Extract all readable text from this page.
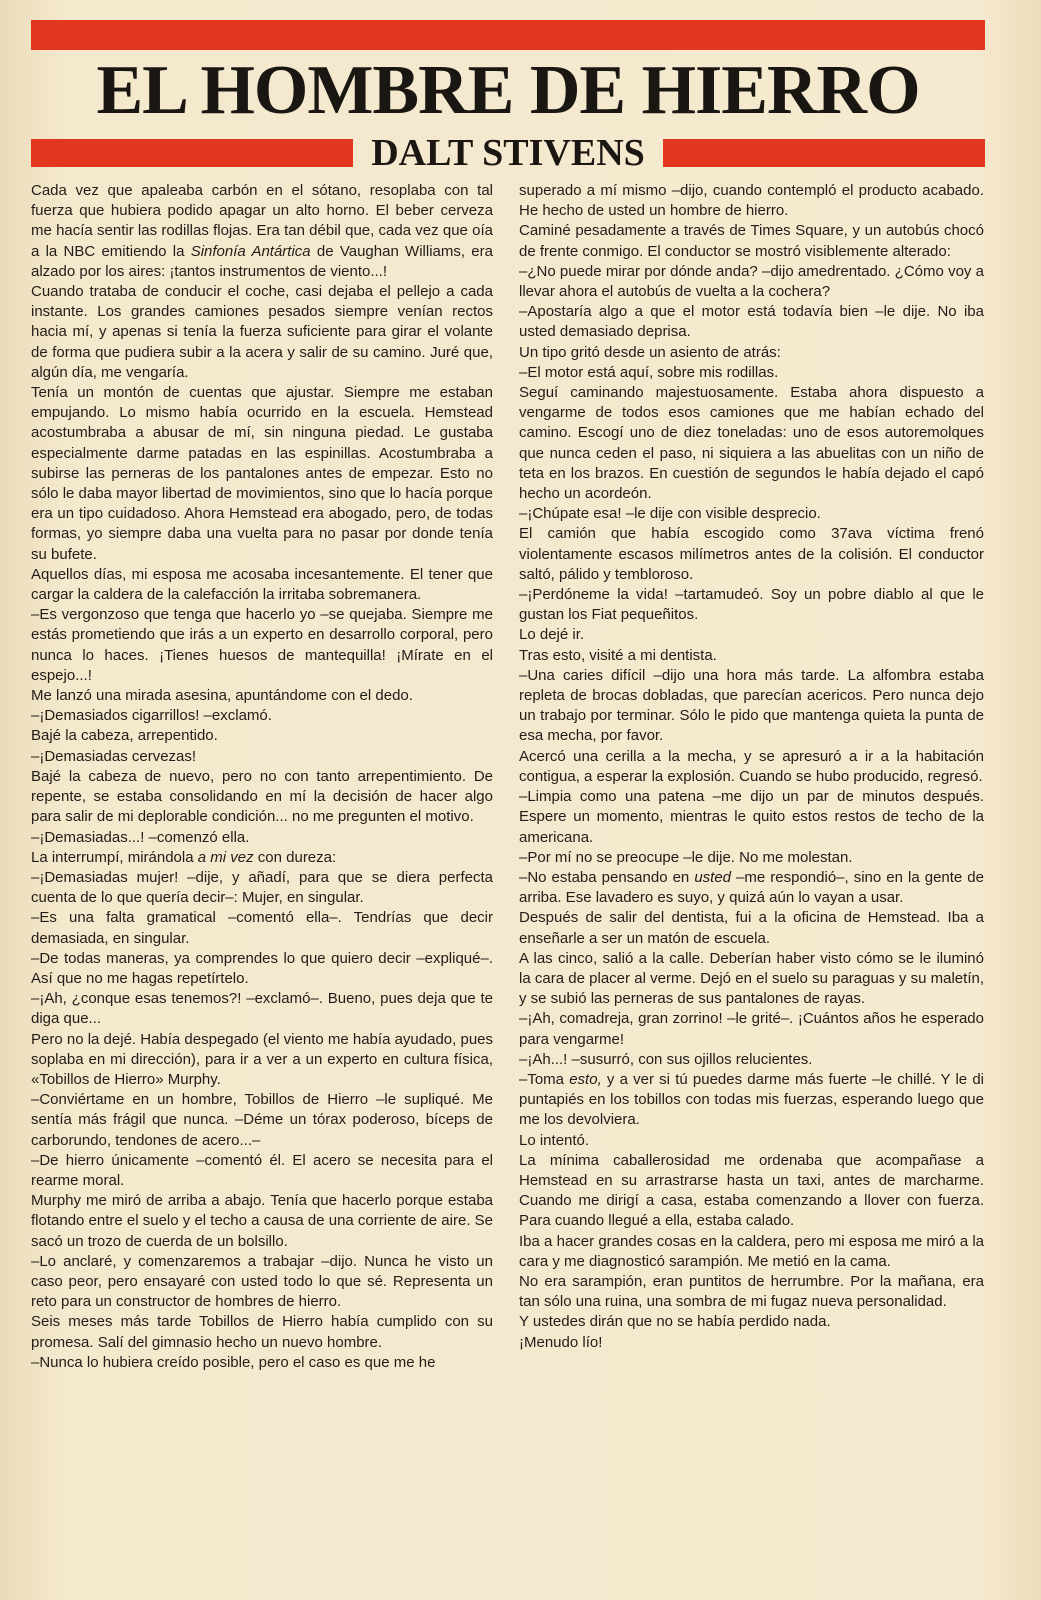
EL HOMBRE DE HIERRO
DALT STIVENS

Cada vez que apaleaba carbón en el sótano, resoplaba con tal fuerza que hubiera podido apagar un alto horno. El beber cerveza me hacía sentir las rodillas flojas. Era tan débil que, cada vez que oía a la NBC emitiendo la Sinfonía Antártica de Vaughan Williams, era alzado por los aires: ¡tantos instrumentos de viento...!

Cuando trataba de conducir el coche, casi dejaba el pellejo a cada instante. Los grandes camiones pesados siempre venían rectos hacia mí, y apenas si tenía la fuerza suficiente para girar el volante de forma que pudiera subir a la acera y salir de su camino. Juré que, algún día, me vengaría.

Tenía un montón de cuentas que ajustar. Siempre me estaban empujando. Lo mismo había ocurrido en la escuela. Hemstead acostumbraba a abusar de mí, sin ninguna piedad. Le gustaba especialmente darme patadas en las espinillas. Acostumbraba a subirse las perneras de los pantalones antes de empezar. Esto no sólo le daba mayor libertad de movimientos, sino que lo hacía porque era un tipo cuidadoso. Ahora Hemstead era abogado, pero, de todas formas, yo siempre daba una vuelta para no pasar por donde tenía su bufete.

Aquellos días, mi esposa me acosaba incesantemente. El tener que cargar la caldera de la calefacción la irritaba sobremanera.

–Es vergonzoso que tenga que hacerlo yo –se quejaba. Siempre me estás prometiendo que irás a un experto en desarrollo corporal, pero nunca lo haces. ¡Tienes huesos de mantequilla! ¡Mírate en el espejo...!

Me lanzó una mirada asesina, apuntándome con el dedo.

–¡Demasiados cigarrillos! –exclamó.

Bajé la cabeza, arrepentido.

–¡Demasiadas cervezas!

Bajé la cabeza de nuevo, pero no con tanto arrepentimiento. De repente, se estaba consolidando en mí la decisión de hacer algo para salir de mi deplorable condición... no me pregunten el motivo.

–¡Demasiadas...! –comenzó ella.

La interrumpí, mirándola a mi vez con dureza:

–¡Demasiadas mujer! –dije, y añadí, para que se diera perfecta cuenta de lo que quería decir–: Mujer, en singular.

–Es una falta gramatical –comentó ella–. Tendrías que decir demasiada, en singular.

–De todas maneras, ya comprendes lo que quiero decir –expliqué–. Así que no me hagas repetírtelo.

–¡Ah, ¿conque esas tenemos?! –exclamó–. Bueno, pues deja que te diga que...

Pero no la dejé. Había despegado (el viento me había ayudado, pues soplaba en mi dirección), para ir a ver a un experto en cultura física, «Tobillos de Hierro» Murphy.

–Conviértame en un hombre, Tobillos de Hierro –le supliqué. Me sentía más frágil que nunca. –Déme un tórax poderoso, bíceps de carborundo, tendones de acero...–

–De hierro únicamente –comentó él. El acero se necesita para el rearme moral.

Murphy me miró de arriba a abajo. Tenía que hacerlo porque estaba flotando entre el suelo y el techo a causa de una corriente de aire. Se sacó un trozo de cuerda de un bolsillo.

–Lo anclaré, y comenzaremos a trabajar –dijo. Nunca he visto un caso peor, pero ensayaré con usted todo lo que sé. Representa un reto para un constructor de hombres de hierro.

Seis meses más tarde Tobillos de Hierro había cumplido con su promesa. Salí del gimnasio hecho un nuevo hombre.

–Nunca lo hubiera creído posible, pero el caso es que me he

superado a mí mismo –dijo, cuando contempló el producto acabado. He hecho de usted un hombre de hierro.

Caminé pesadamente a través de Times Square, y un autobús chocó de frente conmigo. El conductor se mostró visiblemente alterado:

–¿No puede mirar por dónde anda? –dijo amedrentado. ¿Cómo voy a llevar ahora el autobús de vuelta a la cochera?

–Apostaría algo a que el motor está todavía bien –le dije. No iba usted demasiado deprisa.

Un tipo gritó desde un asiento de atrás:

–El motor está aquí, sobre mis rodillas.

Seguí caminando majestuosamente. Estaba ahora dispuesto a vengarme de todos esos camiones que me habían echado del camino. Escogí uno de diez toneladas: uno de esos autoremolques que nunca ceden el paso, ni siquiera a las abuelitas con un niño de teta en los brazos. En cuestión de segundos le había dejado el capó hecho un acordeón.

–¡Chúpate esa! –le dije con visible desprecio.

El camión que había escogido como 37ava víctima frenó violentamente escasos milímetros antes de la colisión. El conductor saltó, pálido y tembloroso.

–¡Perdóneme la vida! –tartamudeó. Soy un pobre diablo al que le gustan los Fiat pequeñitos.

Lo dejé ir.

Tras esto, visité a mi dentista.

–Una caries difícil –dijo una hora más tarde. La alfombra estaba repleta de brocas dobladas, que parecían acericos. Pero nunca dejo un trabajo por terminar. Sólo le pido que mantenga quieta la punta de esa mecha, por favor.

Acercó una cerilla a la mecha, y se apresuró a ir a la habitación contigua, a esperar la explosión. Cuando se hubo producido, regresó.

–Limpia como una patena –me dijo un par de minutos después. Espere un momento, mientras le quito estos restos de techo de la americana.

–Por mí no se preocupe –le dije. No me molestan.

–No estaba pensando en usted –me respondió–, sino en la gente de arriba. Ese lavadero es suyo, y quizá aún lo vayan a usar.

Después de salir del dentista, fui a la oficina de Hemstead. Iba a enseñarle a ser un matón de escuela.

A las cinco, salió a la calle. Deberían haber visto cómo se le iluminó la cara de placer al verme. Dejó en el suelo su paraguas y su maletín, y se subió las perneras de sus pantalones de rayas.

–¡Ah, comadreja, gran zorrino! –le grité–. ¡Cuántos años he esperado para vengarme!

–¡Ah...! –susurró, con sus ojillos relucientes.

–Toma esto, y a ver si tú puedes darme más fuerte –le chillé. Y le di puntapiés en los tobillos con todas mis fuerzas, esperando luego que me los devolviera.

Lo intentó.

La mínima caballerosidad me ordenaba que acompañase a Hemstead en su arrastrarse hasta un taxi, antes de marcharme. Cuando me dirigí a casa, estaba comenzando a llover con fuerza. Para cuando llegué a ella, estaba calado.

Iba a hacer grandes cosas en la caldera, pero mi esposa me miró a la cara y me diagnosticó sarampión. Me metió en la cama.

No era sarampión, eran puntitos de herrumbre. Por la mañana, era tan sólo una ruina, una sombra de mi fugaz nueva personalidad.

Y ustedes dirán que no se había perdido nada.

¡Menudo lío!
